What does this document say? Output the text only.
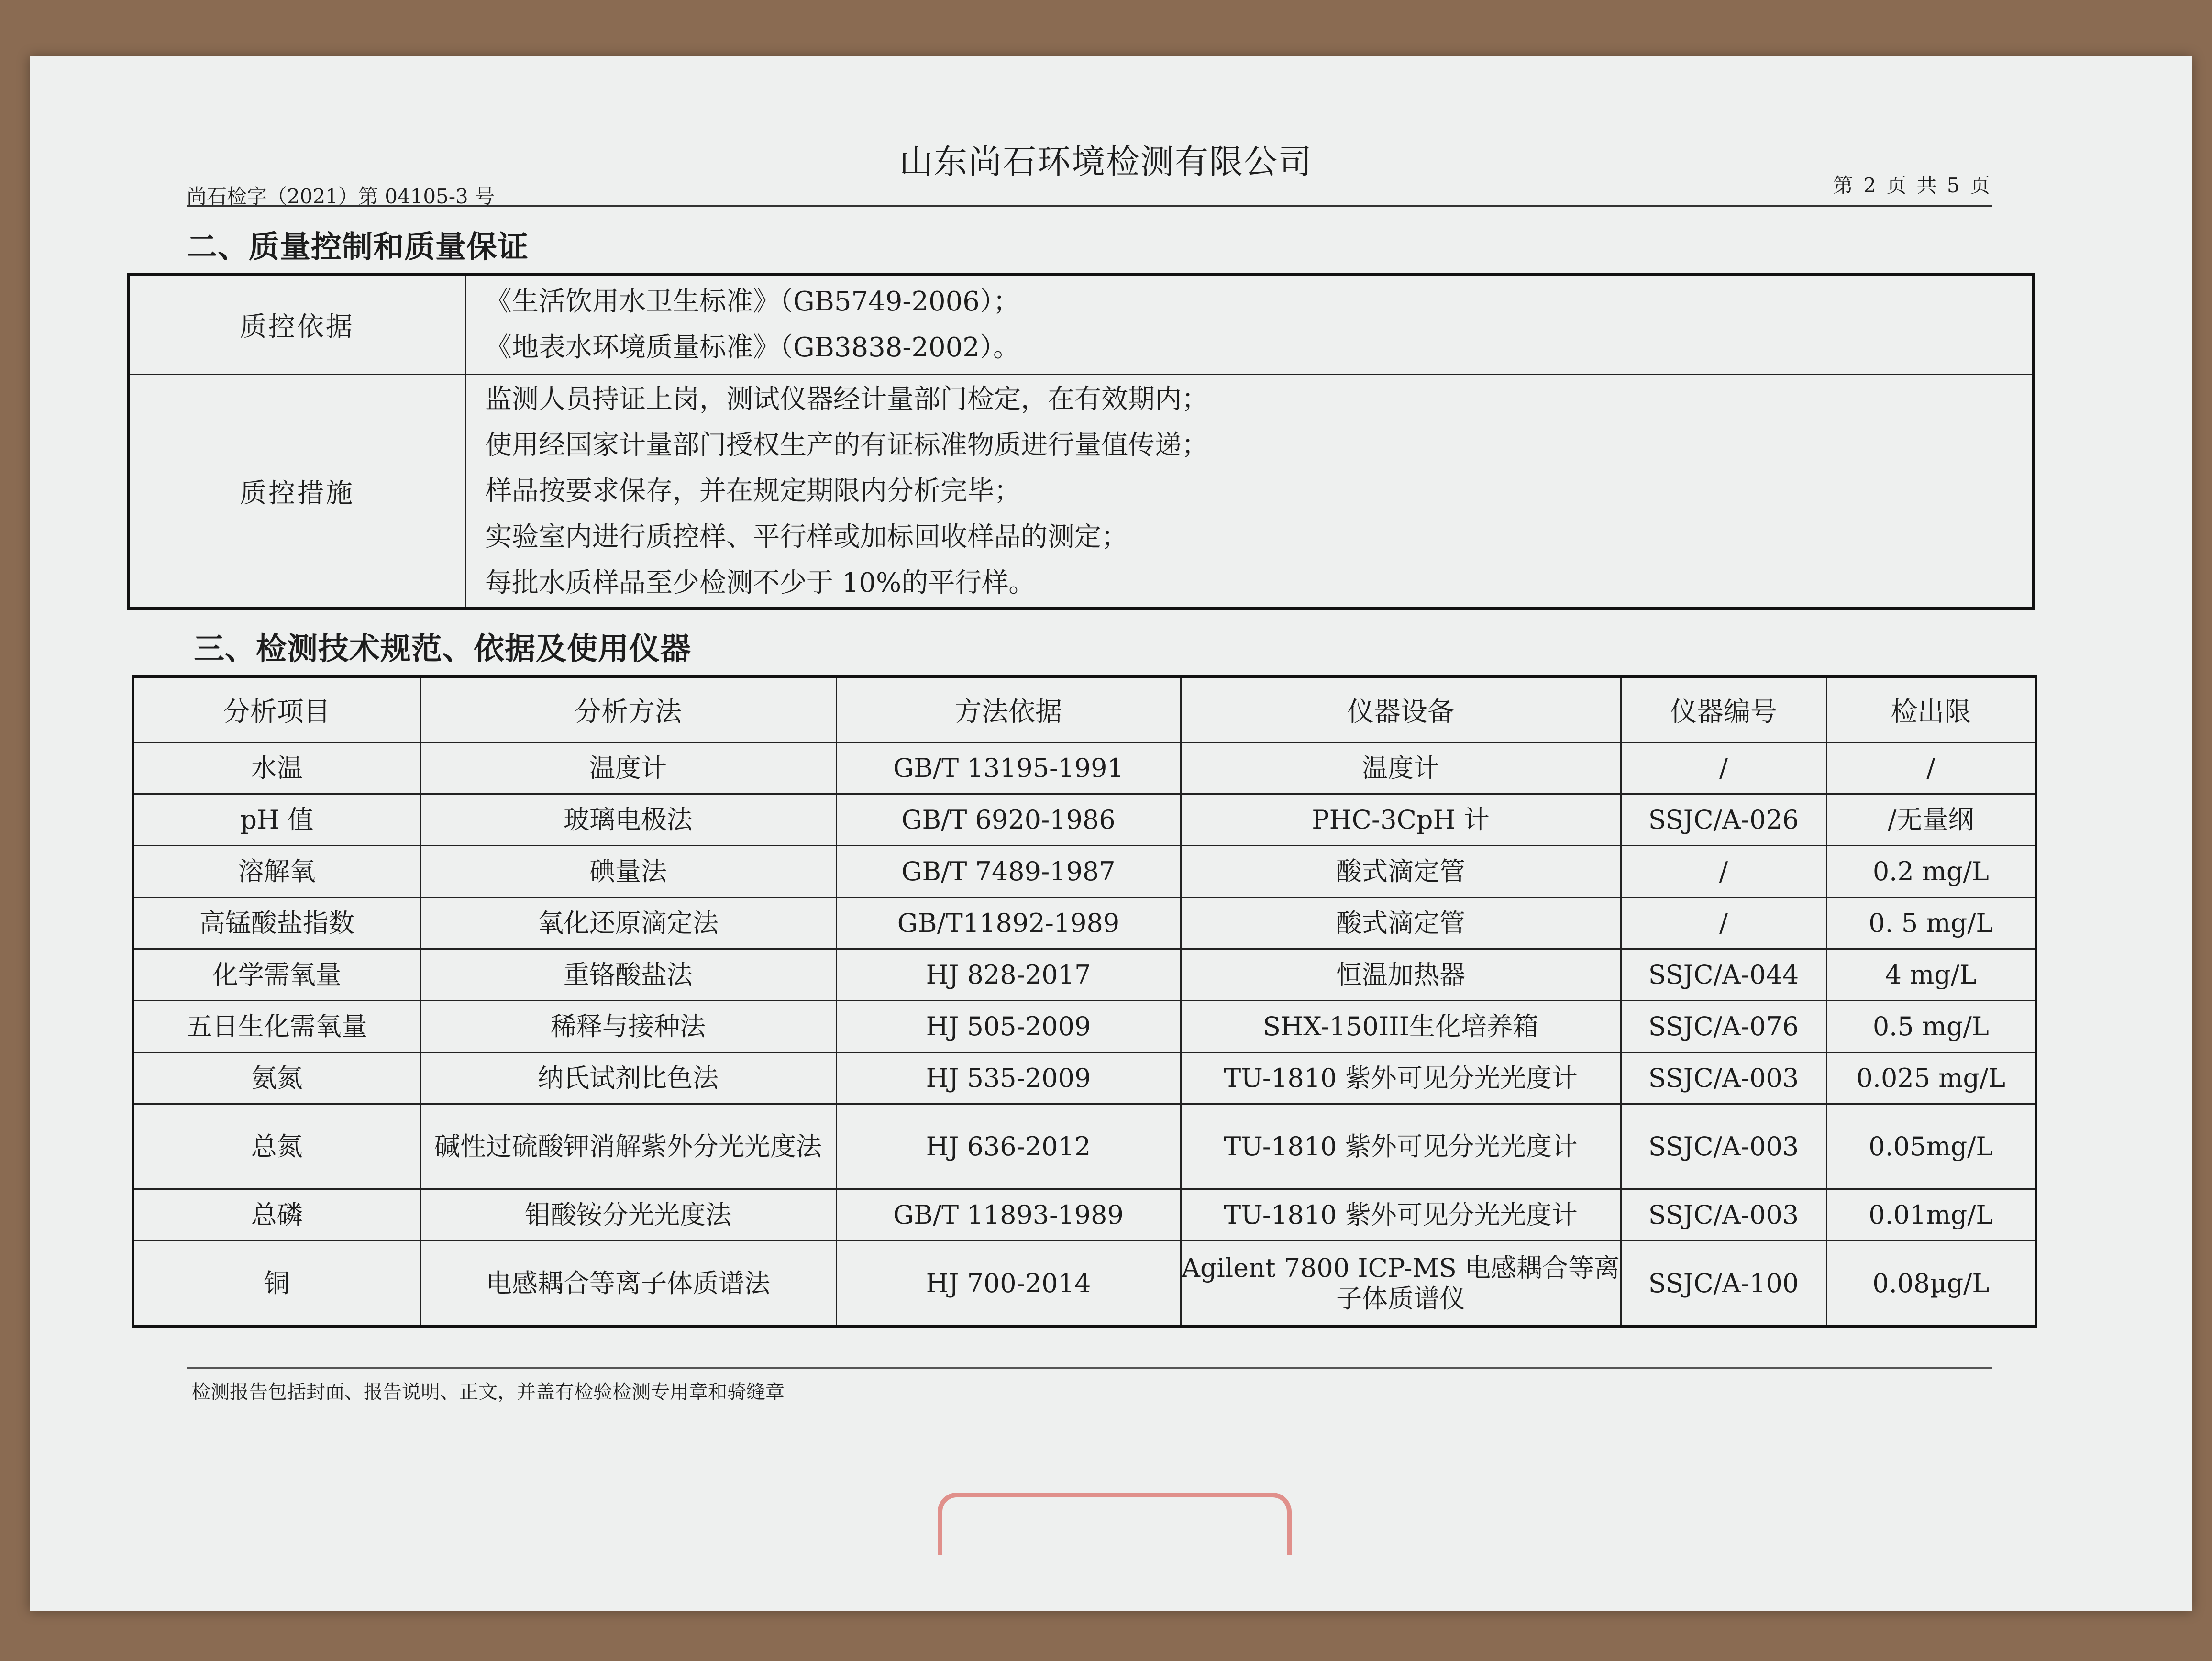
山东尚石环境检测有限公司
尚石检字（2021）第 04105-3 号	第 2 页 共 5 页
二、质量控制和质量保证
质控依据	《生活饮用水卫生标准》（GB5749-2006）；
《地表水环境质量标准》（GB3838-2002）。

质控措施	监测人员持证上岗，测试仪器经计量部门检定，在有效期内；
使用经国家计量部门授权生产的有证标准物质进行量值传递；
样品按要求保存，并在规定期限内分析完毕；
实验室内进行质控样、平行样或加标回收样品的测定；
每批水质样品至少检测不少于 10%的平行样。
三、检测技术规范、依据及使用仪器
分析项目	分析方法	方法依据	仪器设备	仪器编号	检出限
水温	温度计	GB/T 13195-1991	温度计	/	/
pH 值	玻璃电极法	GB/T 6920-1986	PHC-3CpH 计	SSJC/A-026	/无量纲
溶解氧	碘量法	GB/T 7489-1987	酸式滴定管	/	0.2 mg/L
高锰酸盐指数	氧化还原滴定法	GB/T11892-1989	酸式滴定管	/	0. 5 mg/L
化学需氧量	重铬酸盐法	HJ 828-2017	恒温加热器	SSJC/A-044	4 mg/L
五日生化需氧量	稀释与接种法	HJ 505-2009	SHX-150III生化培养箱	SSJC/A-076	0.5 mg/L
氨氮	纳氏试剂比色法	HJ 535-2009	TU-1810 紫外可见分光光度计	SSJC/A-003	0.025 mg/L
总氮	碱性过硫酸钾消解紫外分光光度法	HJ 636-2012	TU-1810 紫外可见分光光度计	SSJC/A-003	0.05mg/L
总磷	钼酸铵分光光度法	GB/T 11893-1989	TU-1810 紫外可见分光光度计	SSJC/A-003	0.01mg/L
铜	电感耦合等离子体质谱法	HJ 700-2014	Agilent 7800 ICP-MS 电感耦合等离子体质谱仪	SSJC/A-100	0.08µg/L
检测报告包括封面、报告说明、正文，并盖有检验检测专用章和骑缝章
